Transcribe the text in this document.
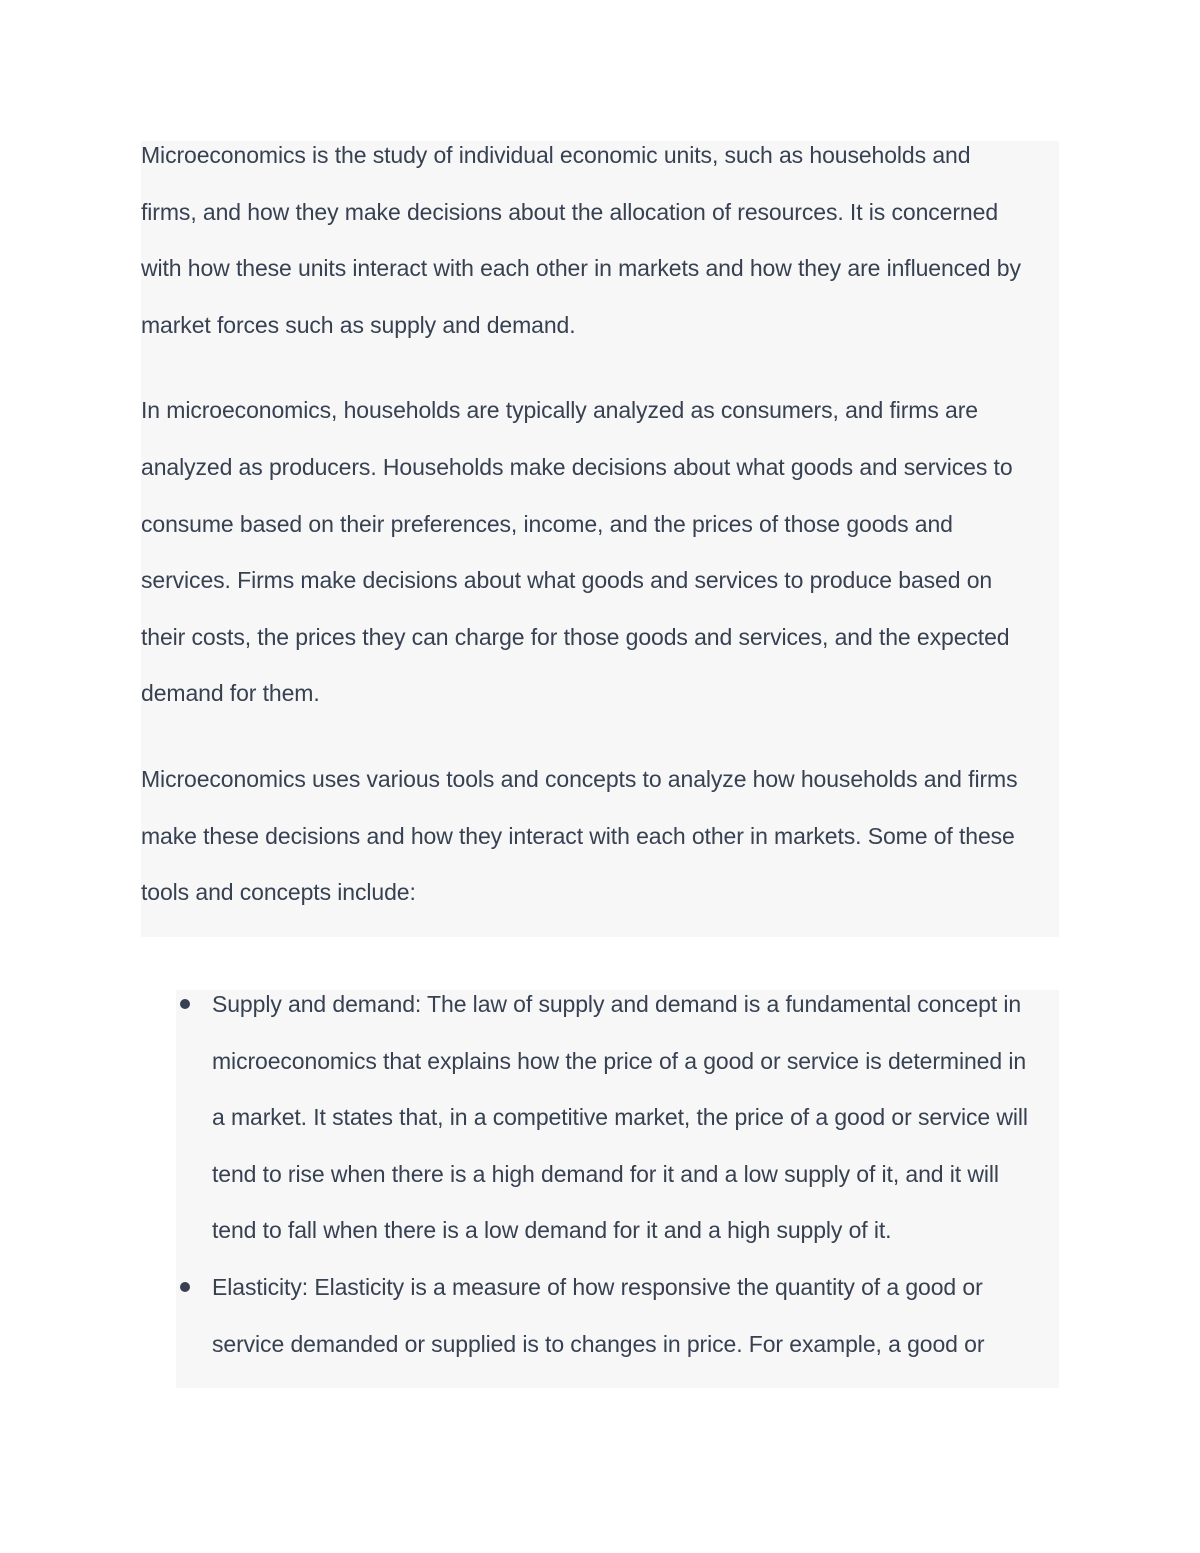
Microeconomics is the study of individual economic units, such as households and
firms, and how they make decisions about the allocation of resources. It is concerned
with how these units interact with each other in markets and how they are influenced by
market forces such as supply and demand.

In microeconomics, households are typically analyzed as consumers, and firms are
analyzed as producers. Households make decisions about what goods and services to
consume based on their preferences, income, and the prices of those goods and
services. Firms make decisions about what goods and services to produce based on
their costs, the prices they can charge for those goods and services, and the expected
demand for them.

Microeconomics uses various tools and concepts to analyze how households and firms
make these decisions and how they interact with each other in markets. Some of these
tools and concepts include:

Supply and demand: The law of supply and demand is a fundamental concept in
microeconomics that explains how the price of a good or service is determined in
a market. It states that, in a competitive market, the price of a good or service will
tend to rise when there is a high demand for it and a low supply of it, and it will
tend to fall when there is a low demand for it and a high supply of it.
Elasticity: Elasticity is a measure of how responsive the quantity of a good or
service demanded or supplied is to changes in price. For example, a good or
